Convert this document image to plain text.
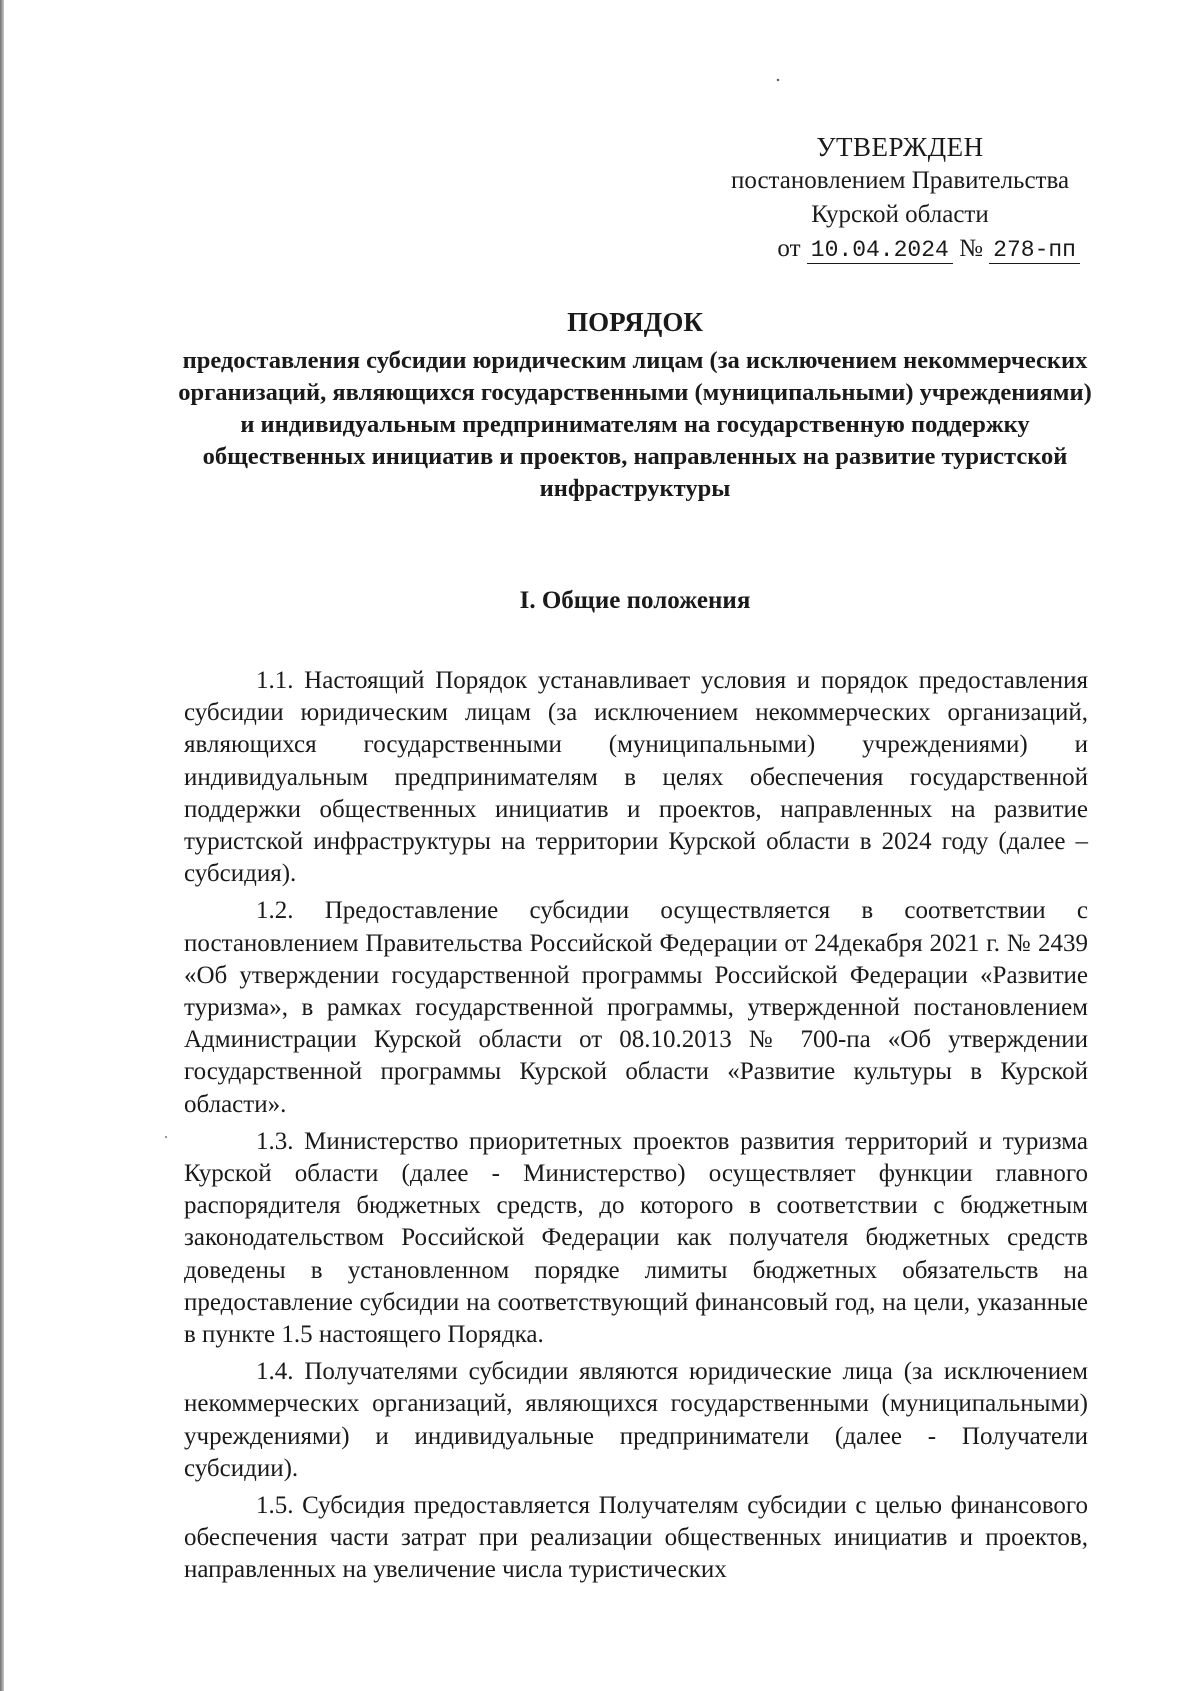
УТВЕРЖДЕН
постановлением Правительства
Курской области
от 10.04.2024 № 278-пп
ПОРЯДОК
предоставления субсидии юридическим лицам (за исключением некоммерческих организаций, являющихся государственными (муниципальными) учреждениями) и индивидуальным предпринимателям на государственную поддержку общественных инициатив и проектов, направленных на развитие туристской инфраструктуры
I. Общие положения

1.1. Настоящий Порядок устанавливает условия и порядок предоставления субсидии юридическим лицам (за исключением некоммерческих организаций, являющихся государственными (муниципальными) учреждениями) и индивидуальным предпринимателям в целях обеспечения государственной поддержки общественных инициатив и проектов, направленных на развитие туристской инфраструктуры на территории Курской области в 2024 году (далее – субсидия).

1.2. Предоставление субсидии осуществляется в соответствии с постановлением Правительства Российской Федерации от 24декабря 2021 г. № 2439 «Об утверждении государственной программы Российской Федерации «Развитие туризма», в рамках государственной программы, утвержденной постановлением Администрации Курской области от 08.10.2013 № 700-па «Об утверждении государственной программы Курской области «Развитие культуры в Курской области».

1.3. Министерство приоритетных проектов развития территорий и туризма Курской области (далее - Министерство) осуществляет функции главного распорядителя бюджетных средств, до которого в соответствии с бюджетным законодательством Российской Федерации как получателя бюджетных средств доведены в установленном порядке лимиты бюджетных обязательств на предоставление субсидии на соответствующий финансовый год, на цели, указанные в пункте 1.5 настоящего Порядка.

1.4. Получателями субсидии являются юридические лица (за исключением некоммерческих организаций, являющихся государственными (муниципальными) учреждениями) и индивидуальные предприниматели (далее - Получатели субсидии).

1.5. Субсидия предоставляется Получателям субсидии с целью финансового обеспечения части затрат при реализации общественных инициатив и проектов, направленных на увеличение числа туристических
